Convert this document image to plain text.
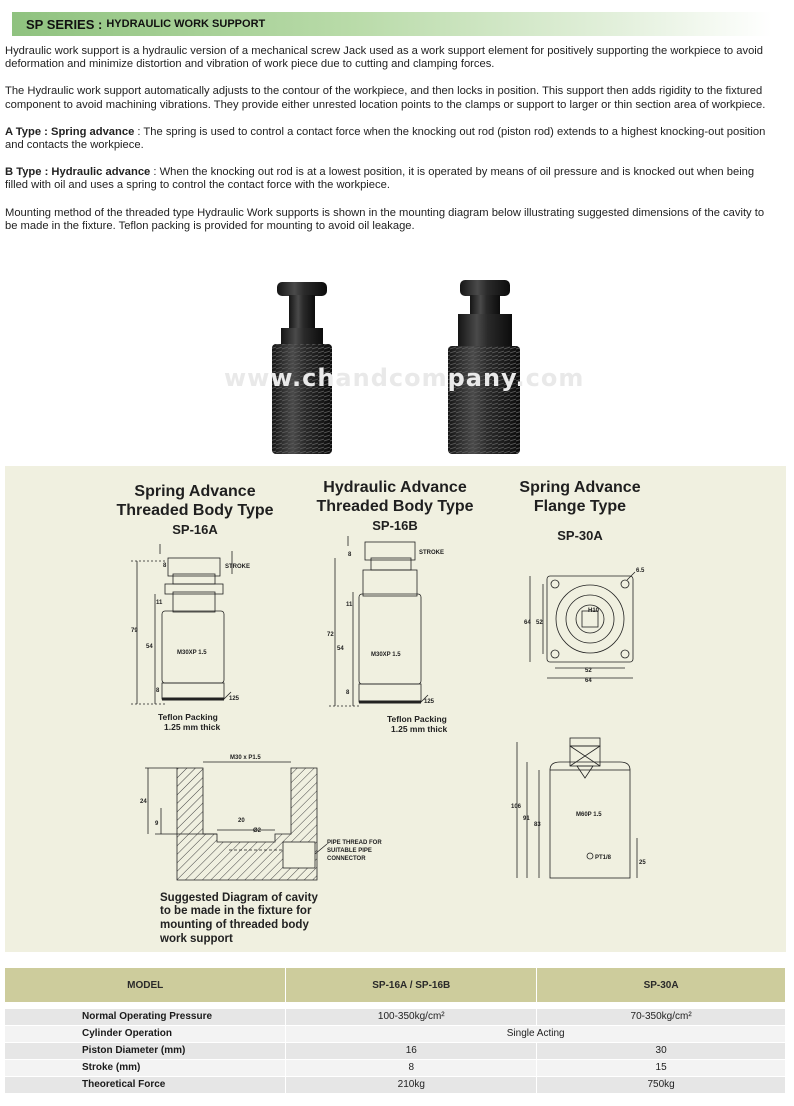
SP SERIES : HYDRAULIC WORK SUPPORT

Hydraulic work support is a hydraulic version of a mechanical screw Jack used as a work support element for positively supporting the workpiece to avoid deformation and minimize distortion and vibration of work piece due to cutting and clamping forces.

The Hydraulic work support automatically adjusts to the contour of the workpiece, and then locks in position. This support then adds rigidity to the fixtured component to avoid machining vibrations. They provide either unrested location points to the clamps or support to larger or thin section area of workpiece.

A Type : Spring advance : The spring is used to control a contact force when the knocking out rod (piston rod) extends to a highest knocking-out position and contacts the workpiece.

B Type : Hydraulic advance : When the knocking out rod is at a lowest position, it is operated by means of oil pressure and is knocked out when being filled with oil and uses a spring to control the contact force with the workpiece.

Mounting method of the threaded type Hydraulic Work supports is shown in the mounting diagram below illustrating suggested dimensions of the cavity to be made in the fixture. Teflon packing is provided for mounting to avoid oil leakage.

www.chandcompany.com
Spring Advance
Threaded Body Type
SP-16A
Hydraulic Advance
Threaded Body Type
SP-16B
Spring Advance
Flange Type
SP-30A
8	STROKE
11
79
54
M30XP 1.5
8
125
Teflon Packing
1.25 mm thick
8	STROKE
11
72
54
M30XP 1.5
8
125
Teflon Packing
1.25 mm thick
6.5
64 52
H10
52
64
106
91
83
M60P 1.5
PT1/8
25
M30 x P1.5
24
9	20
Ø2
PIPE THREAD FOR
SUITABLE PIPE
CONNECTOR
Suggested Diagram of cavity
to be made in the fixture for
mounting of threaded body
work support
MODEL	SP-16A / SP-16B	SP-30A

Normal Operating Pressure	100-350kg/cm²	70-350kg/cm²
Cylinder Operation	Single Acting	
Piston Diameter (mm)	16	30
Stroke (mm)	8	15
Theoretical Force	210kg	750kg
